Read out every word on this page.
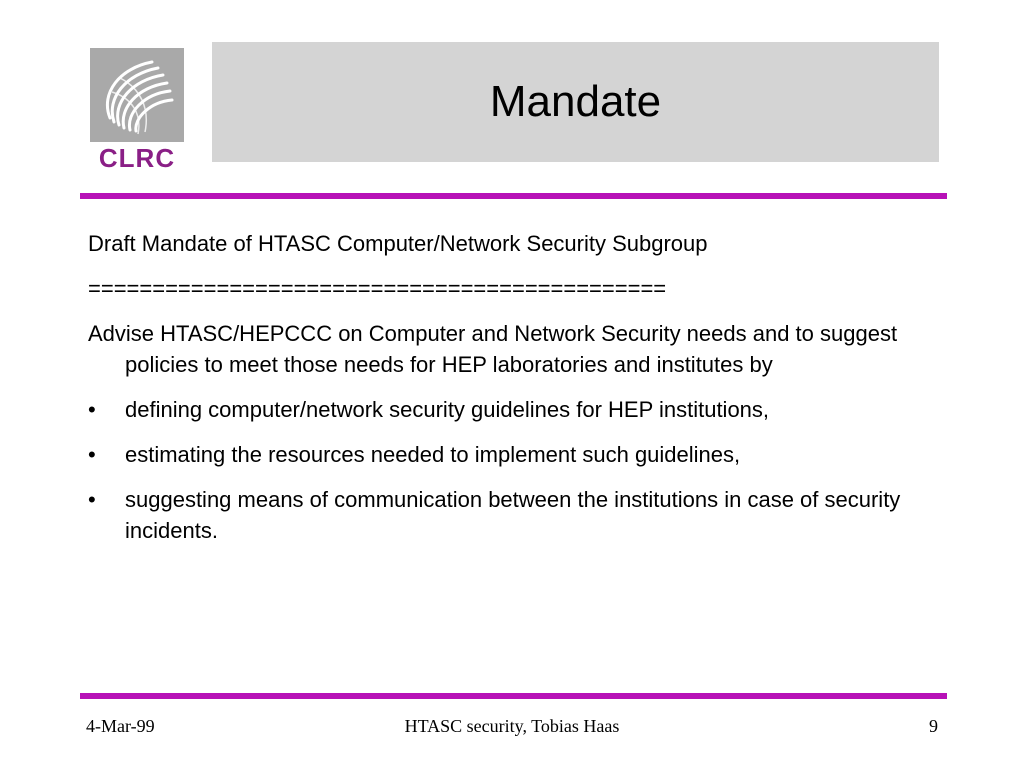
CLRC
Mandate

Draft Mandate of HTASC Computer/Network Security Subgroup

=============================================

Advise HTASC/HEPCCC on Computer and Network Security needs and to suggest policies to meet those needs for HEP laboratories and institutes by

•	defining computer/network security guidelines for HEP institutions,
•	estimating the resources needed to implement such guidelines,
•	suggesting means of communication between the institutions in case of security incidents.
4-Mar-99	HTASC security, Tobias Haas	9
